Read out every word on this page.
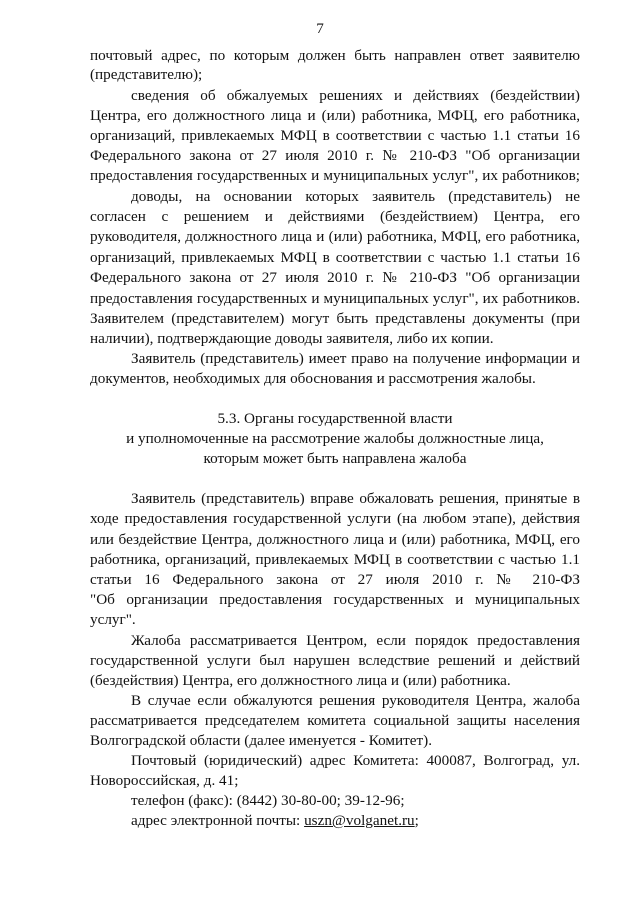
7
почтовый адрес, по которым должен быть направлен ответ заявителю
(представителю);
сведения об обжалуемых решениях и действиях (бездействии)
Центра, его должностного лица и (или) работника, МФЦ, его работника,
организаций, привлекаемых МФЦ в соответствии с частью 1.1 статьи 16
Федерального закона от 27 июля 2010 г. № 210-ФЗ "Об организации
предоставления государственных и муниципальных услуг", их работников;
доводы, на основании которых заявитель (представитель) не
согласен с решением и действиями (бездействием) Центра, его
руководителя, должностного лица и (или) работника, МФЦ, его работника,
организаций, привлекаемых МФЦ в соответствии с частью 1.1 статьи 16
Федерального закона от 27 июля 2010 г. № 210-ФЗ "Об организации
предоставления государственных и муниципальных услуг", их работников.
Заявителем (представителем) могут быть представлены документы (при
наличии), подтверждающие доводы заявителя, либо их копии.
Заявитель (представитель) имеет право на получение информации и
документов, необходимых для обоснования и рассмотрения жалобы.
5.3. Органы государственной власти
и уполномоченные на рассмотрение жалобы должностные лица,
которым может быть направлена жалоба
Заявитель (представитель) вправе обжаловать решения, принятые в
ходе предоставления государственной услуги (на любом этапе), действия
или бездействие Центра, должностного лица и (или) работника, МФЦ, его
работника, организаций, привлекаемых МФЦ в соответствии с частью 1.1
статьи 16 Федерального закона от 27 июля 2010 г. № 210-ФЗ
"Об организации предоставления государственных и муниципальных
услуг".
Жалоба рассматривается Центром, если порядок предоставления
государственной услуги был нарушен вследствие решений и действий
(бездействия) Центра, его должностного лица и (или) работника.
В случае если обжалуются решения руководителя Центра, жалоба
рассматривается председателем комитета социальной защиты населения
Волгоградской области (далее именуется - Комитет).
Почтовый (юридический) адрес Комитета: 400087, Волгоград, ул.
Новороссийская, д. 41;
телефон (факс): (8442) 30-80-00; 39-12-96;
адрес электронной почты: uszn@volganet.ru;
